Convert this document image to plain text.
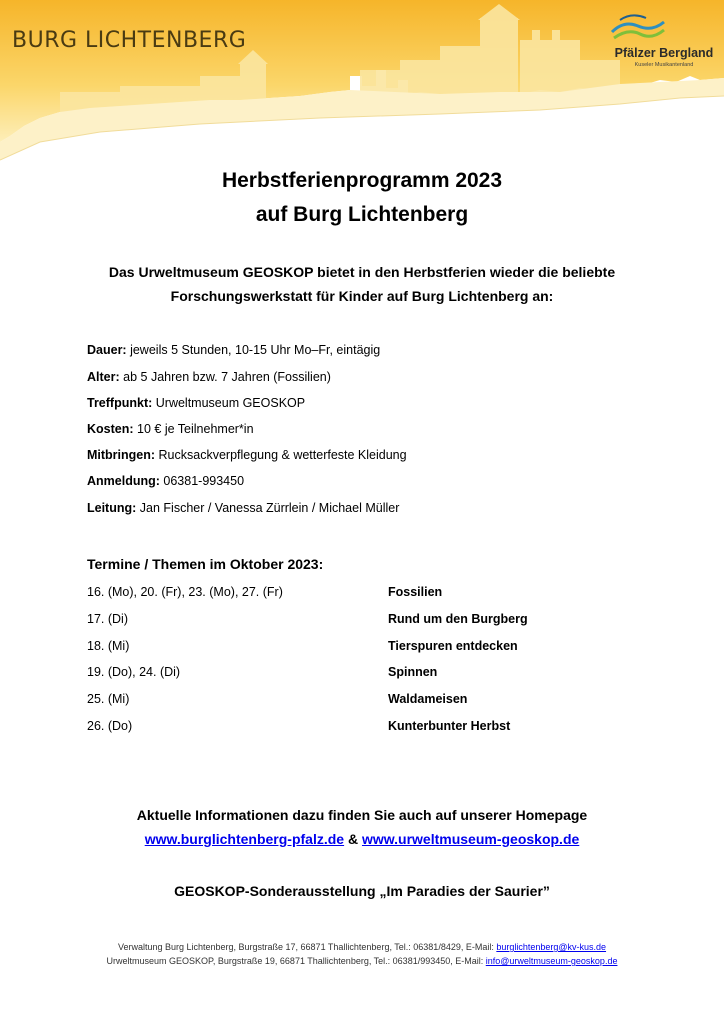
BURG LICHTENBERG	Pfälzer Bergland
Kuseler Musikantenland
Herbstferienprogramm 2023
auf Burg Lichtenberg
Das Urweltmuseum GEOSKOP bietet in den Herbstferien wieder die beliebte
Forschungswerkstatt für Kinder auf Burg Lichtenberg an:
Dauer: jeweils 5 Stunden, 10-15 Uhr Mo–Fr, eintägig
Alter: ab 5 Jahren bzw. 7 Jahren (Fossilien)
Treffpunkt: Urweltmuseum GEOSKOP
Kosten: 10 € je Teilnehmer*in
Mitbringen: Rucksackverpflegung & wetterfeste Kleidung
Anmeldung: 06381-993450
Leitung: Jan Fischer / Vanessa Zürrlein / Michael Müller
Termine / Themen im Oktober 2023:
16. (Mo), 20. (Fr), 23. (Mo), 27. (Fr)	Fossilien
17. (Di)	Rund um den Burgberg
18. (Mi)	Tierspuren entdecken
19. (Do), 24. (Di)	Spinnen
25. (Mi)	Waldameisen
26. (Do)	Kunterbunter Herbst
Aktuelle Informationen dazu finden Sie auch auf unserer Homepage
www.burglichtenberg-pfalz.de & www.urweltmuseum-geoskop.de
GEOSKOP-Sonderausstellung „Im Paradies der Saurier”
Verwaltung Burg Lichtenberg, Burgstraße 17, 66871 Thallichtenberg, Tel.: 06381/8429, E-Mail: burglichtenberg@kv-kus.de
Urweltmuseum GEOSKOP, Burgstraße 19, 66871 Thallichtenberg, Tel.: 06381/993450, E-Mail: info@urweltmuseum-geoskop.de
